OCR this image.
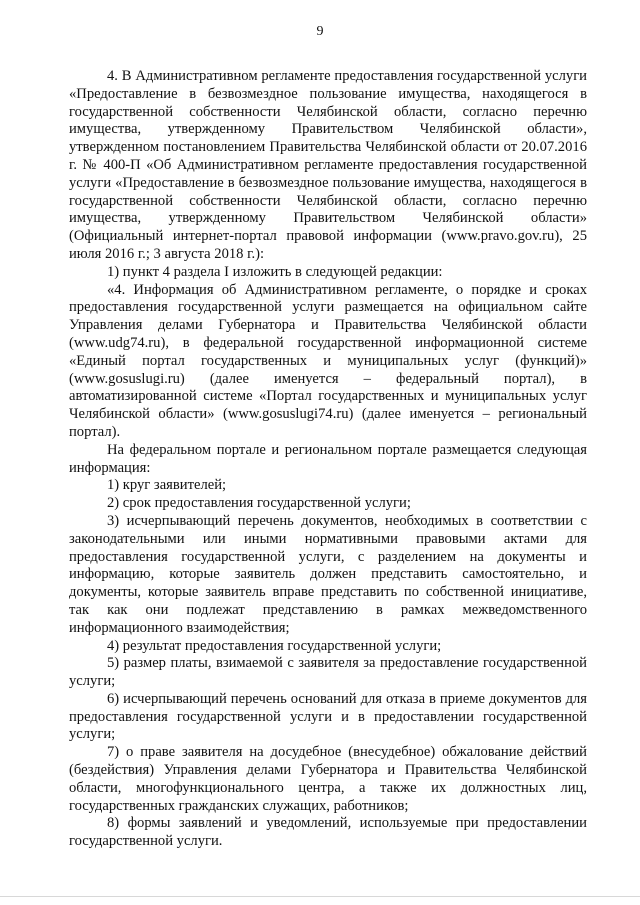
9

4. В Административном регламенте предоставления государственной услуги «Предоставление в безвозмездное пользование имущества, находящегося в государственной собственности Челябинской области, согласно перечню имущества, утвержденному Правительством Челябинской области», утвержденном постановлением Правительства Челябинской области от 20.07.2016 г. № 400-П «Об Административном регламенте предоставления государственной услуги «Предоставление в безвозмездное пользование имущества, находящегося в государственной собственности Челябинской области, согласно перечню имущества, утвержденному Правительством Челябинской области» (Официальный интернет-портал правовой информации (www.pravo.gov.ru), 25 июля 2016 г.; 3 августа 2018 г.):

1) пункт 4 раздела I изложить в следующей редакции:

«4. Информация об Административном регламенте, о порядке и сроках предоставления государственной услуги размещается на официальном сайте Управления делами Губернатора и Правительства Челябинской области (www.udg74.ru), в федеральной государственной информационной системе «Единый портал государственных и муниципальных услуг (функций)» (www.gosuslugi.ru) (далее именуется – федеральный портал), в автоматизированной системе «Портал государственных и муниципальных услуг Челябинской области» (www.gosuslugi74.ru) (далее именуется – региональный портал).

На федеральном портале и региональном портале размещается следующая информация:

1) круг заявителей;

2) срок предоставления государственной услуги;

3) исчерпывающий перечень документов, необходимых в соответствии с законодательными или иными нормативными правовыми актами для предоставления государственной услуги, с разделением на документы и информацию, которые заявитель должен представить самостоятельно, и документы, которые заявитель вправе представить по собственной инициативе, так как они подлежат представлению в рамках межведомственного информационного взаимодействия;

4) результат предоставления государственной услуги;

5) размер платы, взимаемой с заявителя за предоставление государственной услуги;

6) исчерпывающий перечень оснований для отказа в приеме документов для предоставления государственной услуги и в предоставлении государственной услуги;

7) о праве заявителя на досудебное (внесудебное) обжалование действий (бездействия) Управления делами Губернатора и Правительства Челябинской области, многофункционального центра, а также их должностных лиц, государственных гражданских служащих, работников;

8) формы заявлений и уведомлений, используемые при предоставлении государственной услуги.
